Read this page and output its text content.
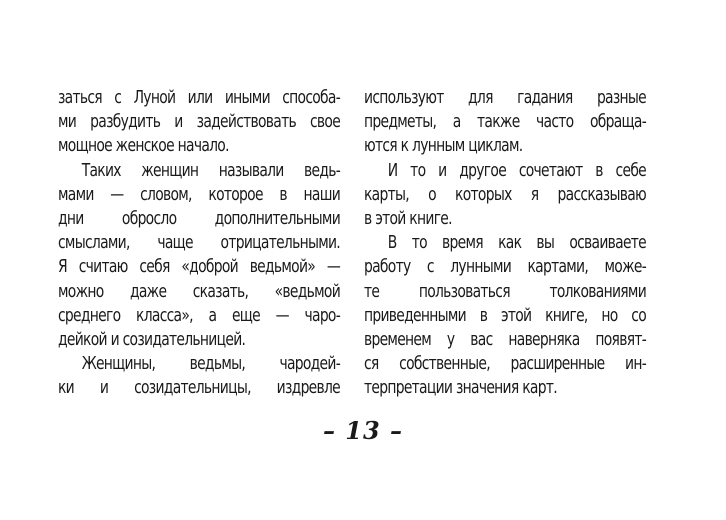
заться с Луной или иными способа-
ми разбудить и задействовать свое
мощное женское начало.
Таких женщин называли ведь-
мами — словом, которое в наши
дни обросло дополнительными
смыслами, чаще отрицательными.
Я считаю себя «доброй ведьмой» —
можно даже сказать, «ведьмой
среднего класса», а еще — чаро-
дейкой и созидательницей.
Женщины, ведьмы, чародей-
ки и созидательницы, издревле
используют для гадания разные
предметы, а также часто обраща-
ются к лунным циклам.
И то и другое сочетают в себе
карты, о которых я рассказываю
в этой книге.
В то время как вы осваиваете
работу с лунными картами, може-
те пользоваться толкованиями
приведенными в этой книге, но со
временем у вас наверняка появят-
ся собственные, расширенные ин-
терпретации значения карт.
– 13 –
